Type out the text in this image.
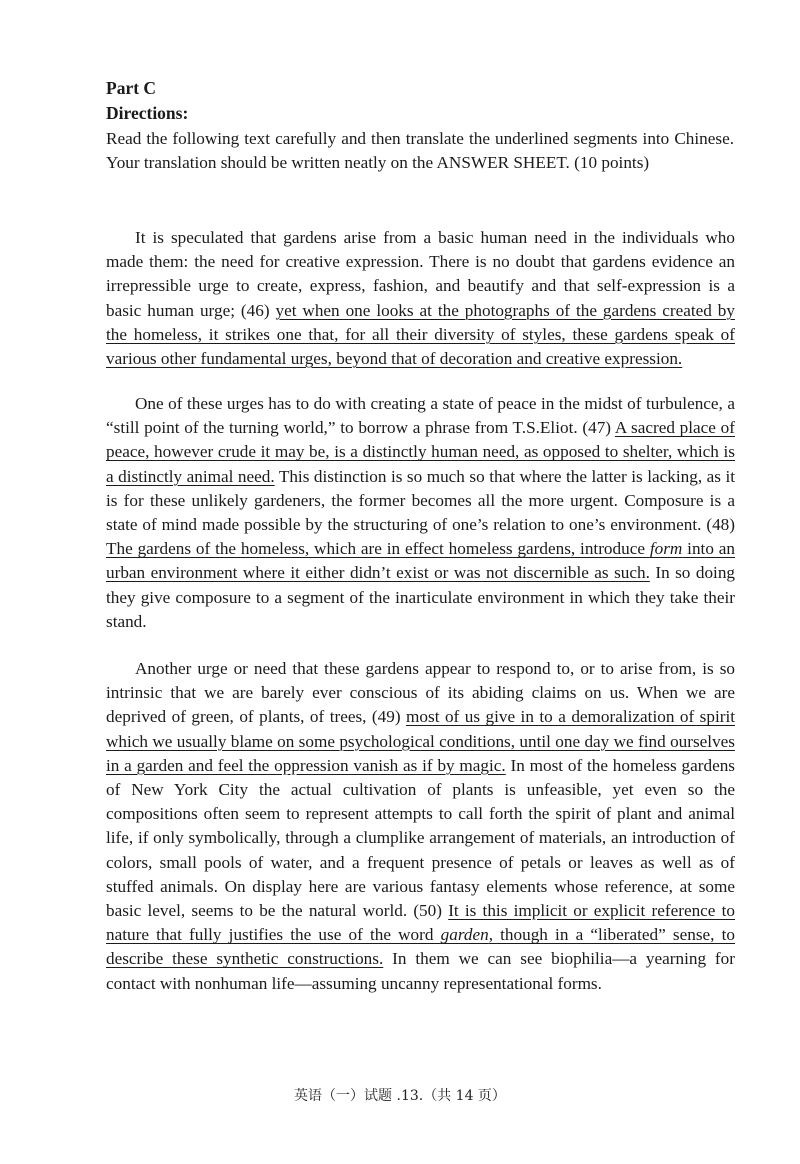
Part C
Directions:
Read the following text carefully and then translate the underlined segments into Chinese. Your translation should be written neatly on the ANSWER SHEET. (10 points)

It is speculated that gardens arise from a basic human need in the individuals who made them: the need for creative expression. There is no doubt that gardens evidence an irrepressible urge to create, express, fashion, and beautify and that self-expression is a basic human urge; (46) yet when one looks at the photographs of the gardens created by the homeless, it strikes one that, for all their diversity of styles, these gardens speak of various other fundamental urges, beyond that of decoration and creative expression.

One of these urges has to do with creating a state of peace in the midst of turbulence, a “still point of the turning world,” to borrow a phrase from T.S.Eliot. (47) A sacred place of peace, however crude it may be, is a distinctly human need, as opposed to shelter, which is a distinctly animal need. This distinction is so much so that where the latter is lacking, as it is for these unlikely gardeners, the former becomes all the more urgent. Composure is a state of mind made possible by the structuring of one’s relation to one’s environment. (48) The gardens of the homeless, which are in effect homeless gardens, introduce form into an urban environment where it either didn’t exist or was not discernible as such. In so doing they give composure to a segment of the inarticulate environment in which they take their stand.

Another urge or need that these gardens appear to respond to, or to arise from, is so intrinsic that we are barely ever conscious of its abiding claims on us. When we are deprived of green, of plants, of trees, (49) most of us give in to a demoralization of spirit which we usually blame on some psychological conditions, until one day we find ourselves in a garden and feel the oppression vanish as if by magic. In most of the homeless gardens of New York City the actual cultivation of plants is unfeasible, yet even so the compositions often seem to represent attempts to call forth the spirit of plant and animal life, if only symbolically, through a clumplike arrangement of materials, an introduction of colors, small pools of water, and a frequent presence of petals or leaves as well as of stuffed animals. On display here are various fantasy elements whose reference, at some basic level, seems to be the natural world. (50) It is this implicit or explicit reference to nature that fully justifies the use of the word garden, though in a “liberated” sense, to describe these synthetic constructions. In them we can see biophilia—a yearning for contact with nonhuman life—assuming uncanny representational forms.

英语（一）试题 .13.（共 14 页）
